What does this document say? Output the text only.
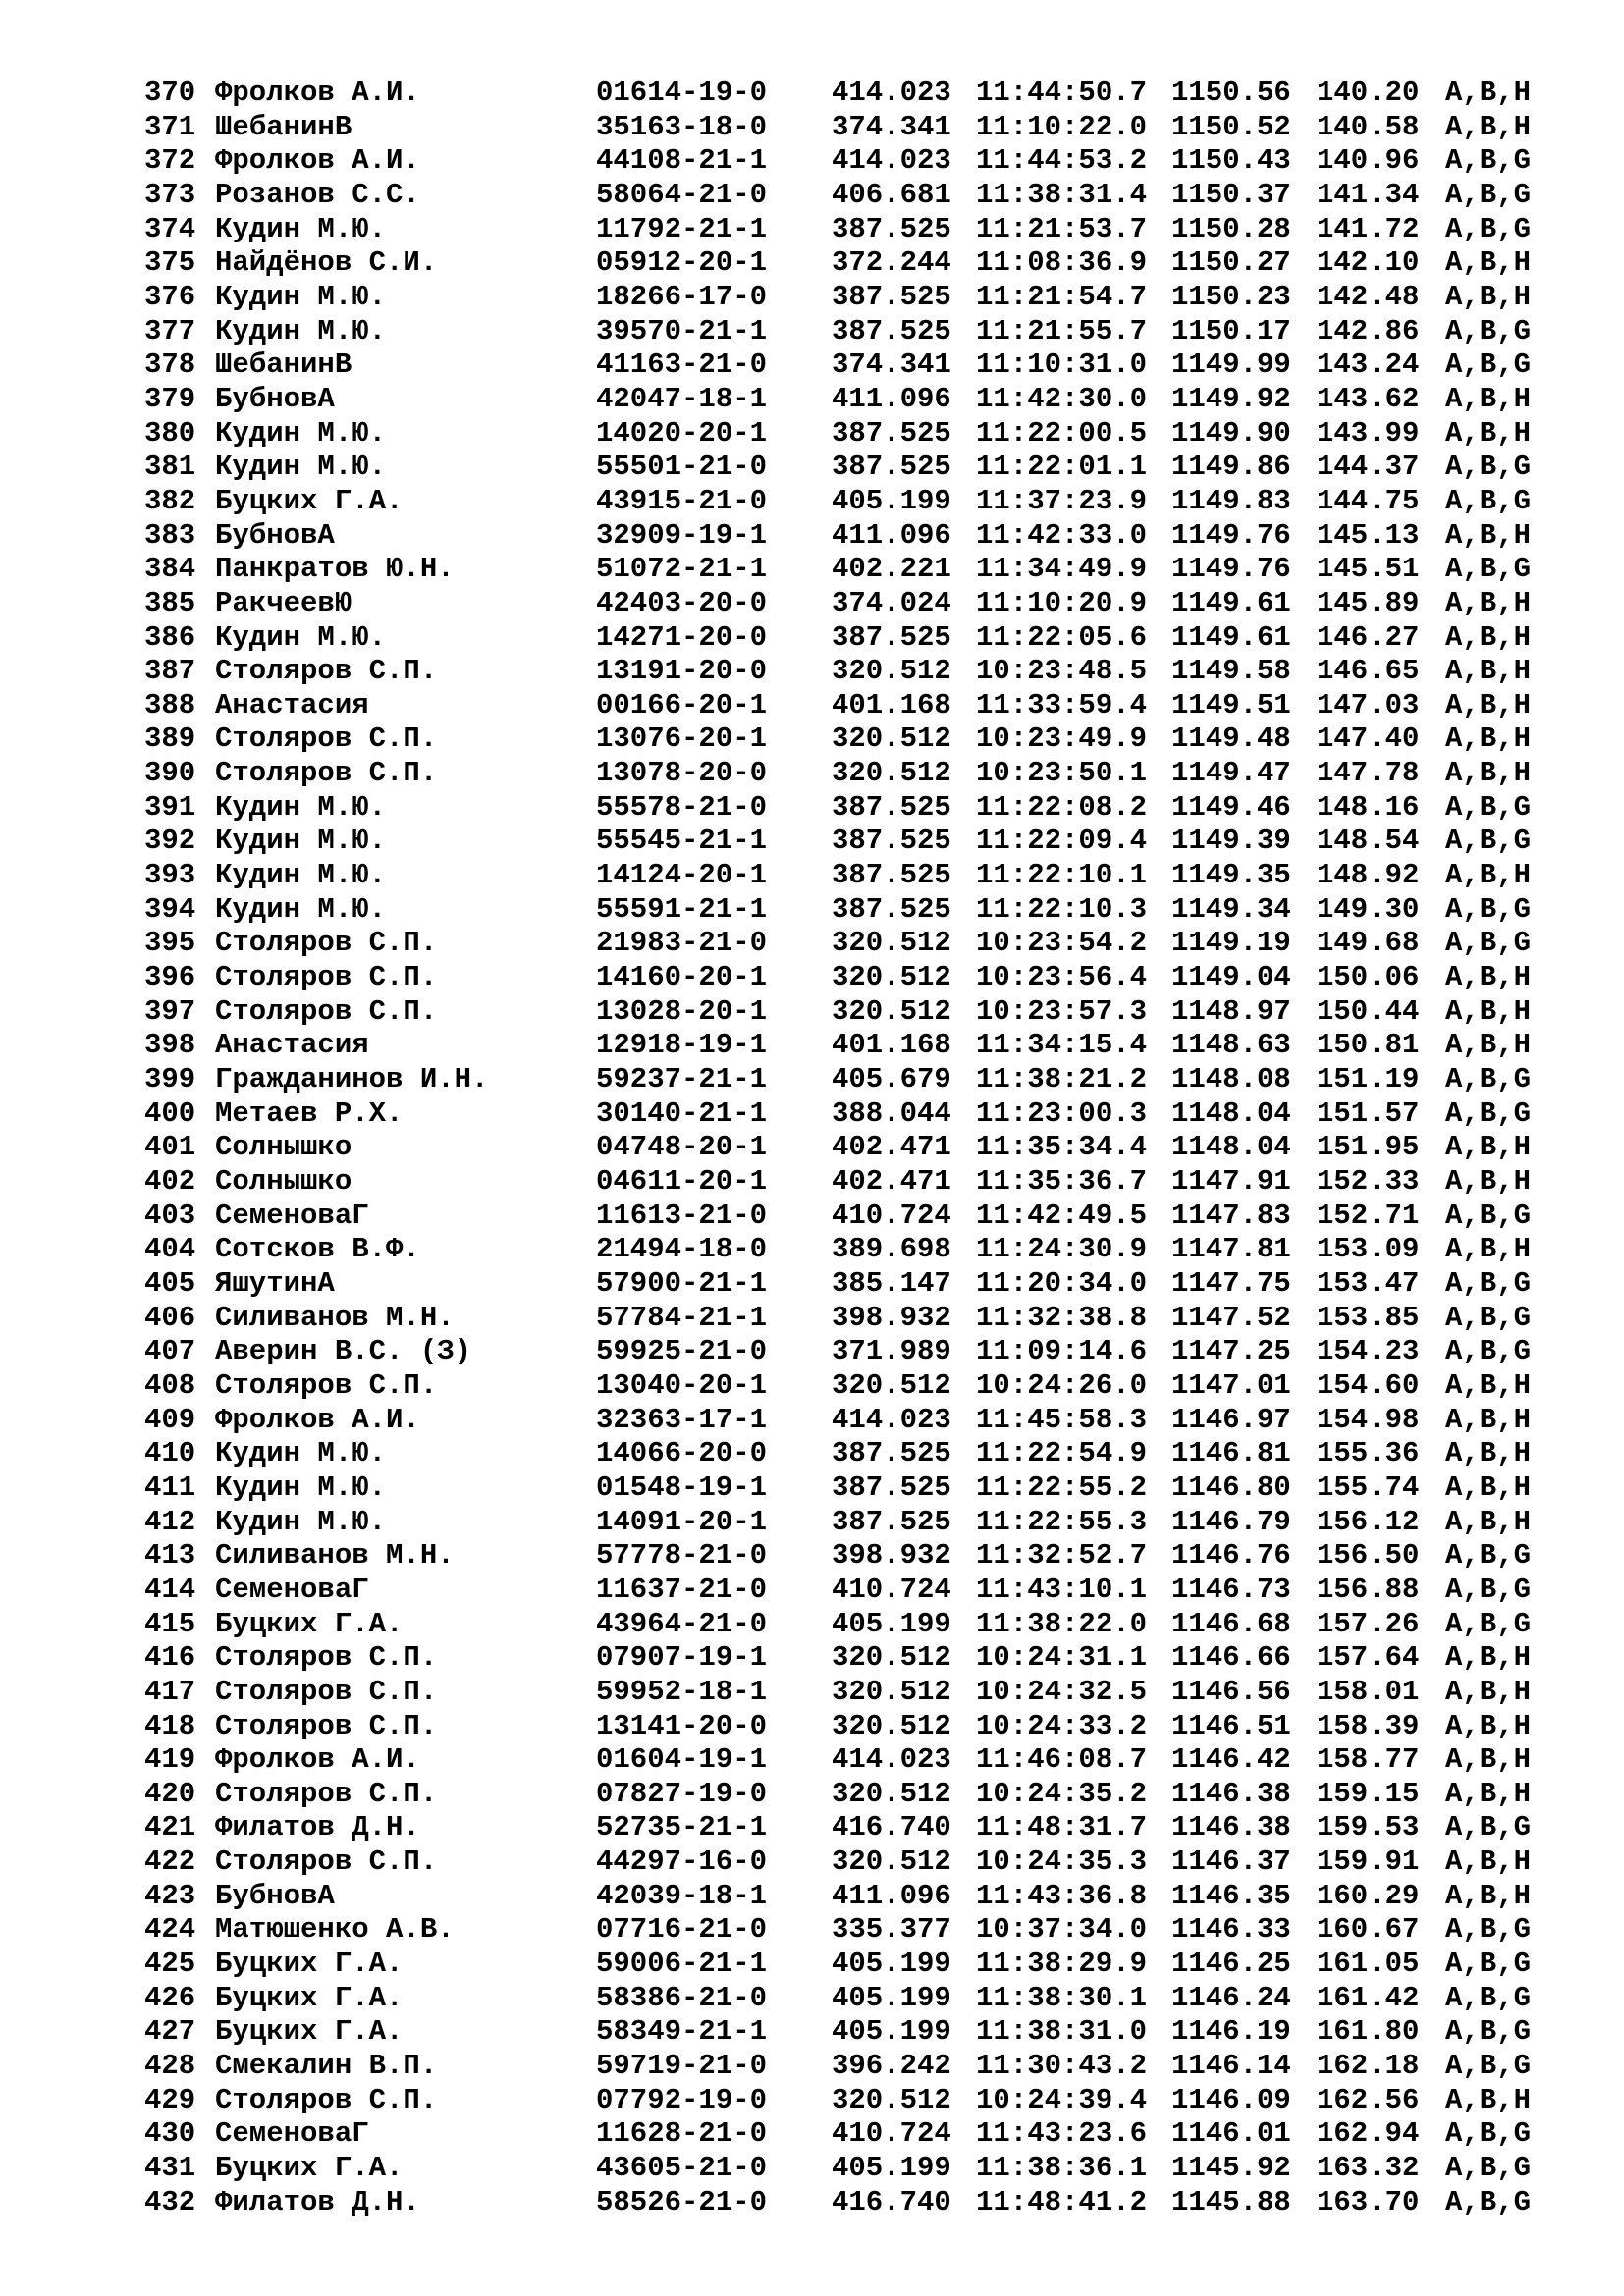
370 Фролков А.И.	01614-19-0 414.023 11:44:50.7 1150.56 140.20 A,B,H
371 ШебанинВ	35163-18-0 374.341 11:10:22.0 1150.52 140.58 A,B,H
372 Фролков А.И.	44108-21-1 414.023 11:44:53.2 1150.43 140.96 A,B,G
373 Розанов С.С.	58064-21-0 406.681 11:38:31.4 1150.37 141.34 A,B,G
374 Кудин М.Ю.	11792-21-1 387.525 11:21:53.7 1150.28 141.72 A,B,G
375 Найдёнов С.И.	05912-20-1 372.244 11:08:36.9 1150.27 142.10 A,B,H
376 Кудин М.Ю.	18266-17-0 387.525 11:21:54.7 1150.23 142.48 A,B,H
377 Кудин М.Ю.	39570-21-1 387.525 11:21:55.7 1150.17 142.86 A,B,G
378 ШебанинВ	41163-21-0 374.341 11:10:31.0 1149.99 143.24 A,B,G
379 БубновА	42047-18-1 411.096 11:42:30.0 1149.92 143.62 A,B,H
380 Кудин М.Ю.	14020-20-1 387.525 11:22:00.5 1149.90 143.99 A,B,H
381 Кудин М.Ю.	55501-21-0 387.525 11:22:01.1 1149.86 144.37 A,B,G
382 Буцких Г.А.	43915-21-0 405.199 11:37:23.9 1149.83 144.75 A,B,G
383 БубновА	32909-19-1 411.096 11:42:33.0 1149.76 145.13 A,B,H
384 Панкратов Ю.Н.	51072-21-1 402.221 11:34:49.9 1149.76 145.51 A,B,G
385 РакчеевЮ	42403-20-0 374.024 11:10:20.9 1149.61 145.89 A,B,H
386 Кудин М.Ю.	14271-20-0 387.525 11:22:05.6 1149.61 146.27 A,B,H
387 Столяров С.П.	13191-20-0 320.512 10:23:48.5 1149.58 146.65 A,B,H
388 Анастасия	00166-20-1 401.168 11:33:59.4 1149.51 147.03 A,B,H
389 Столяров С.П.	13076-20-1 320.512 10:23:49.9 1149.48 147.40 A,B,H
390 Столяров С.П.	13078-20-0 320.512 10:23:50.1 1149.47 147.78 A,B,H
391 Кудин М.Ю.	55578-21-0 387.525 11:22:08.2 1149.46 148.16 A,B,G
392 Кудин М.Ю.	55545-21-1 387.525 11:22:09.4 1149.39 148.54 A,B,G
393 Кудин М.Ю.	14124-20-1 387.525 11:22:10.1 1149.35 148.92 A,B,H
394 Кудин М.Ю.	55591-21-1 387.525 11:22:10.3 1149.34 149.30 A,B,G
395 Столяров С.П.	21983-21-0 320.512 10:23:54.2 1149.19 149.68 A,B,G
396 Столяров С.П.	14160-20-1 320.512 10:23:56.4 1149.04 150.06 A,B,H
397 Столяров С.П.	13028-20-1 320.512 10:23:57.3 1148.97 150.44 A,B,H
398 Анастасия	12918-19-1 401.168 11:34:15.4 1148.63 150.81 A,B,H
399 Гражданинов И.Н.	59237-21-1 405.679 11:38:21.2 1148.08 151.19 A,B,G
400 Метаев Р.Х.	30140-21-1 388.044 11:23:00.3 1148.04 151.57 A,B,G
401 Солнышко	04748-20-1 402.471 11:35:34.4 1148.04 151.95 A,B,H
402 Солнышко	04611-20-1 402.471 11:35:36.7 1147.91 152.33 A,B,H
403 СеменоваГ	11613-21-0 410.724 11:42:49.5 1147.83 152.71 A,B,G
404 Сотсков В.Ф.	21494-18-0 389.698 11:24:30.9 1147.81 153.09 A,B,H
405 ЯшутинА	57900-21-1 385.147 11:20:34.0 1147.75 153.47 A,B,G
406 Силиванов М.Н.	57784-21-1 398.932 11:32:38.8 1147.52 153.85 A,B,G
407 Аверин В.С. (З)	59925-21-0 371.989 11:09:14.6 1147.25 154.23 A,B,G
408 Столяров С.П.	13040-20-1 320.512 10:24:26.0 1147.01 154.60 A,B,H
409 Фролков А.И.	32363-17-1 414.023 11:45:58.3 1146.97 154.98 A,B,H
410 Кудин М.Ю.	14066-20-0 387.525 11:22:54.9 1146.81 155.36 A,B,H
411 Кудин М.Ю.	01548-19-1 387.525 11:22:55.2 1146.80 155.74 A,B,H
412 Кудин М.Ю.	14091-20-1 387.525 11:22:55.3 1146.79 156.12 A,B,H
413 Силиванов М.Н.	57778-21-0 398.932 11:32:52.7 1146.76 156.50 A,B,G
414 СеменоваГ	11637-21-0 410.724 11:43:10.1 1146.73 156.88 A,B,G
415 Буцких Г.А.	43964-21-0 405.199 11:38:22.0 1146.68 157.26 A,B,G
416 Столяров С.П.	07907-19-1 320.512 10:24:31.1 1146.66 157.64 A,B,H
417 Столяров С.П.	59952-18-1 320.512 10:24:32.5 1146.56 158.01 A,B,H
418 Столяров С.П.	13141-20-0 320.512 10:24:33.2 1146.51 158.39 A,B,H
419 Фролков А.И.	01604-19-1 414.023 11:46:08.7 1146.42 158.77 A,B,H
420 Столяров С.П.	07827-19-0 320.512 10:24:35.2 1146.38 159.15 A,B,H
421 Филатов Д.Н.	52735-21-1 416.740 11:48:31.7 1146.38 159.53 A,B,G
422 Столяров С.П.	44297-16-0 320.512 10:24:35.3 1146.37 159.91 A,B,H
423 БубновА	42039-18-1 411.096 11:43:36.8 1146.35 160.29 A,B,H
424 Матюшенко А.В.	07716-21-0 335.377 10:37:34.0 1146.33 160.67 A,B,G
425 Буцких Г.А.	59006-21-1 405.199 11:38:29.9 1146.25 161.05 A,B,G
426 Буцких Г.А.	58386-21-0 405.199 11:38:30.1 1146.24 161.42 A,B,G
427 Буцких Г.А.	58349-21-1 405.199 11:38:31.0 1146.19 161.80 A,B,G
428 Смекалин В.П.	59719-21-0 396.242 11:30:43.2 1146.14 162.18 A,B,G
429 Столяров С.П.	07792-19-0 320.512 10:24:39.4 1146.09 162.56 A,B,H
430 СеменоваГ	11628-21-0 410.724 11:43:23.6 1146.01 162.94 A,B,G
431 Буцких Г.А.	43605-21-0 405.199 11:38:36.1 1145.92 163.32 A,B,G
432 Филатов Д.Н.	58526-21-0 416.740 11:48:41.2 1145.88 163.70 A,B,G
